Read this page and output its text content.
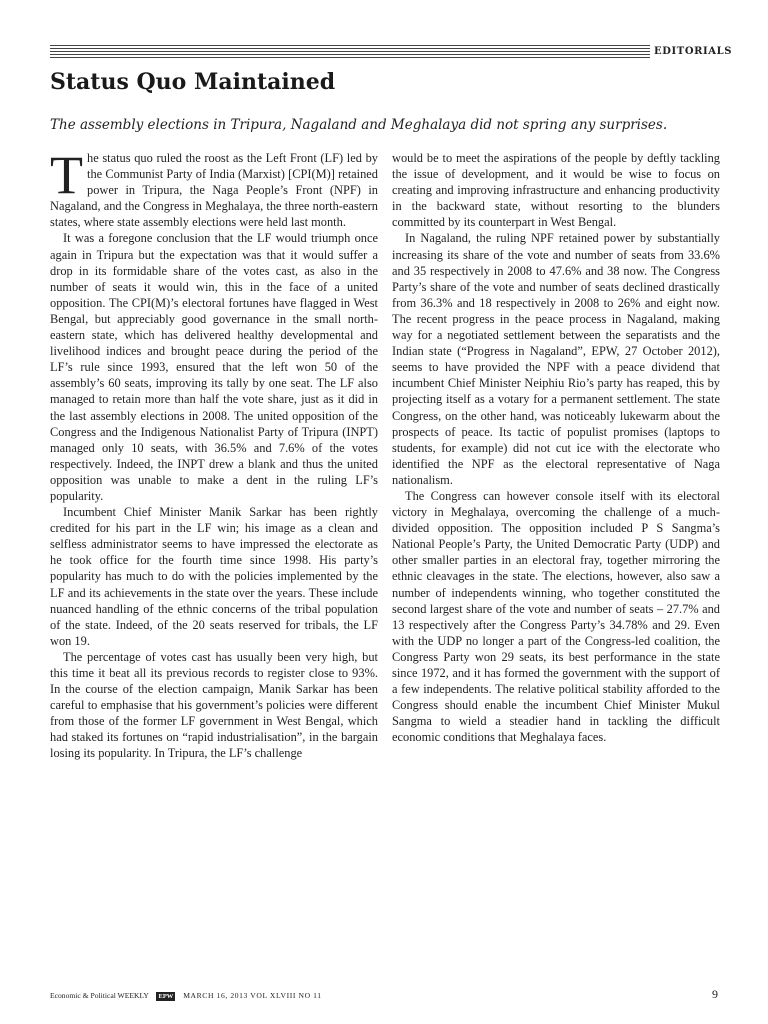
EDITORIALS
Status Quo Maintained

The assembly elections in Tripura, Nagaland and Meghalaya did not spring any surprises.

The status quo ruled the roost as the Left Front (LF) led by the Communist Party of India (Marxist) [CPI(M)] retained power in Tripura, the Naga People’s Front (NPF) in Nagaland, and the Congress in Meghalaya, the three north-eastern states, where state assembly elections were held last month.

It was a foregone conclusion that the LF would triumph once again in Tripura but the expectation was that it would suffer a drop in its formidable share of the votes cast, as also in the number of seats it would win, this in the face of a united opposition. The CPI(M)’s electoral fortunes have flagged in West Bengal, but appreciably good governance in the small north-eastern state, which has delivered healthy developmental and livelihood indices and brought peace during the period of the LF’s rule since 1993, ensured that the left won 50 of the assembly’s 60 seats, improving its tally by one seat. The LF also managed to retain more than half the vote share, just as it did in the last assembly elections in 2008. The united opposition of the Congress and the Indigenous Nationalist Party of Tripura (INPT) managed only 10 seats, with 36.5% and 7.6% of the votes respectively. Indeed, the INPT drew a blank and thus the united opposition was unable to make a dent in the ruling LF’s popularity.

Incumbent Chief Minister Manik Sarkar has been rightly credited for his part in the LF win; his image as a clean and selfless administrator seems to have impressed the electorate as he took office for the fourth time since 1998. His party’s popularity has much to do with the policies implemented by the LF and its achievements in the state over the years. These include nuanced handling of the ethnic concerns of the tribal population of the state. Indeed, of the 20 seats reserved for tribals, the LF won 19.

The percentage of votes cast has usually been very high, but this time it beat all its previous records to register close to 93%. In the course of the election campaign, Manik Sarkar has been careful to emphasise that his government’s policies were different from those of the former LF government in West Bengal, which had staked its fortunes on “rapid industrialisation”, in the bargain losing its popularity. In Tripura, the LF’s challenge

would be to meet the aspirations of the people by deftly tackling the issue of development, and it would be wise to focus on creating and improving infrastructure and enhancing productivity in the backward state, without resorting to the blunders committed by its counterpart in West Bengal.

In Nagaland, the ruling NPF retained power by substantially increasing its share of the vote and number of seats from 33.6% and 35 respectively in 2008 to 47.6% and 38 now. The Congress Party’s share of the vote and number of seats declined drastically from 36.3% and 18 respectively in 2008 to 26% and eight now. The recent progress in the peace process in Nagaland, making way for a negotiated settlement between the separatists and the Indian state (“Progress in Nagaland”, EPW, 27 October 2012), seems to have provided the NPF with a peace dividend that incumbent Chief Minister Neiphiu Rio’s party has reaped, this by projecting itself as a votary for a permanent settlement. The state Congress, on the other hand, was noticeably lukewarm about the prospects of peace. Its tactic of populist promises (laptops to students, for example) did not cut ice with the electorate who identified the NPF as the electoral representative of Naga nationalism.

The Congress can however console itself with its electoral victory in Meghalaya, overcoming the challenge of a much-divided opposition. The opposition included P S Sangma’s National People’s Party, the United Democratic Party (UDP) and other smaller parties in an electoral fray, together mirroring the ethnic cleavages in the state. The elections, however, also saw a number of independents winning, who together constituted the second largest share of the vote and number of seats – 27.7% and 13 respectively after the Congress Party’s 34.78% and 29. Even with the UDP no longer a part of the Congress-led coalition, the Congress Party won 29 seats, its best performance in the state since 1972, and it has formed the government with the support of a few independents. The relative political stability afforded to the Congress should enable the incumbent Chief Minister Mukul Sangma to wield a steadier hand in tackling the difficult economic conditions that Meghalaya faces.

Economic & Political WEEKLY EPW MARCH 16, 2013 VOL XLVIII NO 11	9
